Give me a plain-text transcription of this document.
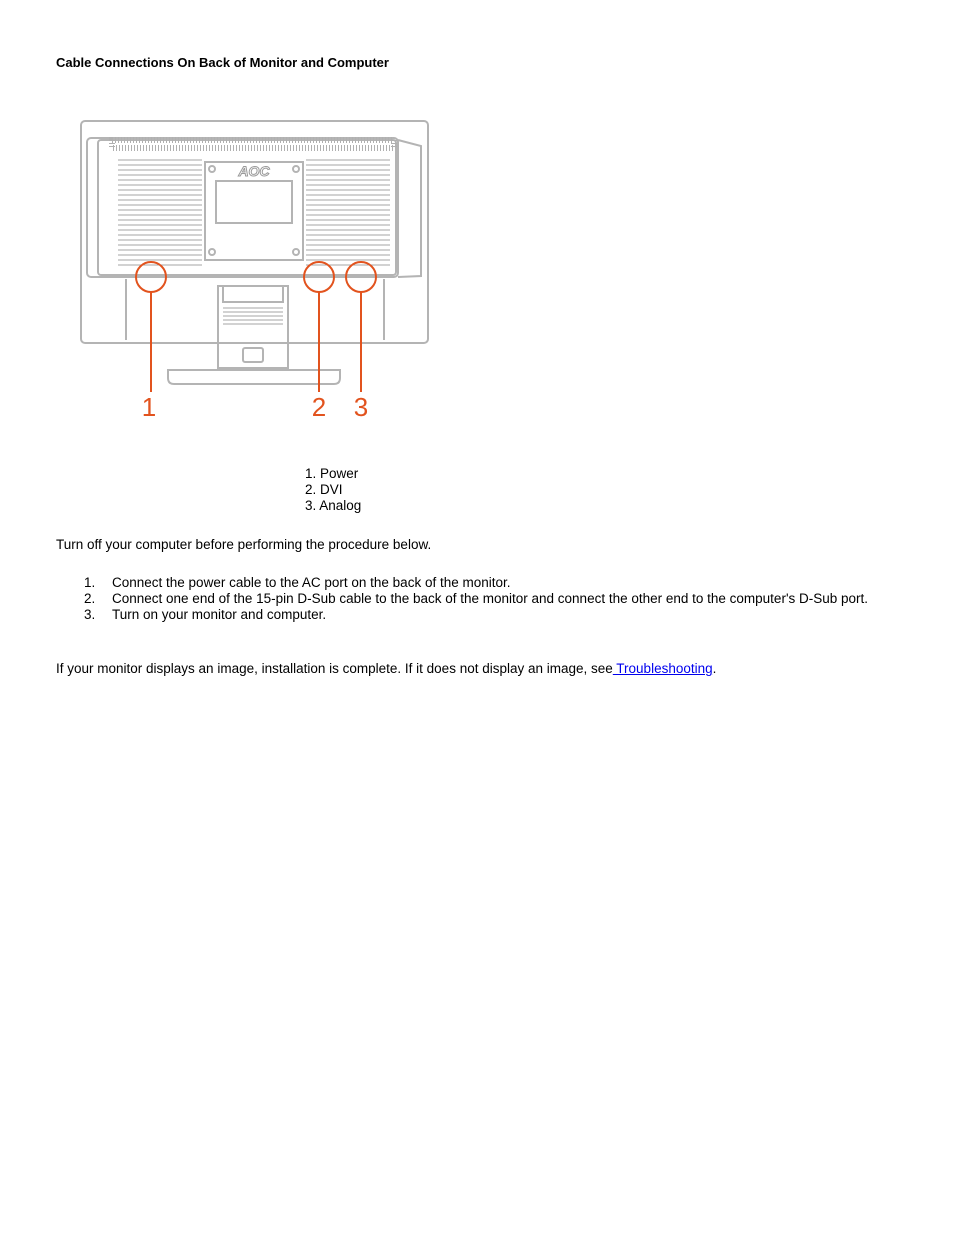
Cable Connections On Back of Monitor and Computer
AOC
1	2 3
1. Power
2. DVI
3. Analog

Turn off your computer before performing the procedure below.

1. Connect the power cable to the AC port on the back of the monitor.
2. Connect one end of the 15-pin D-Sub cable to the back of the monitor and connect the other end to the computer's D-Sub port.
3. Turn on your monitor and computer.

If your monitor displays an image, installation is complete. If it does not display an image, see Troubleshooting.
